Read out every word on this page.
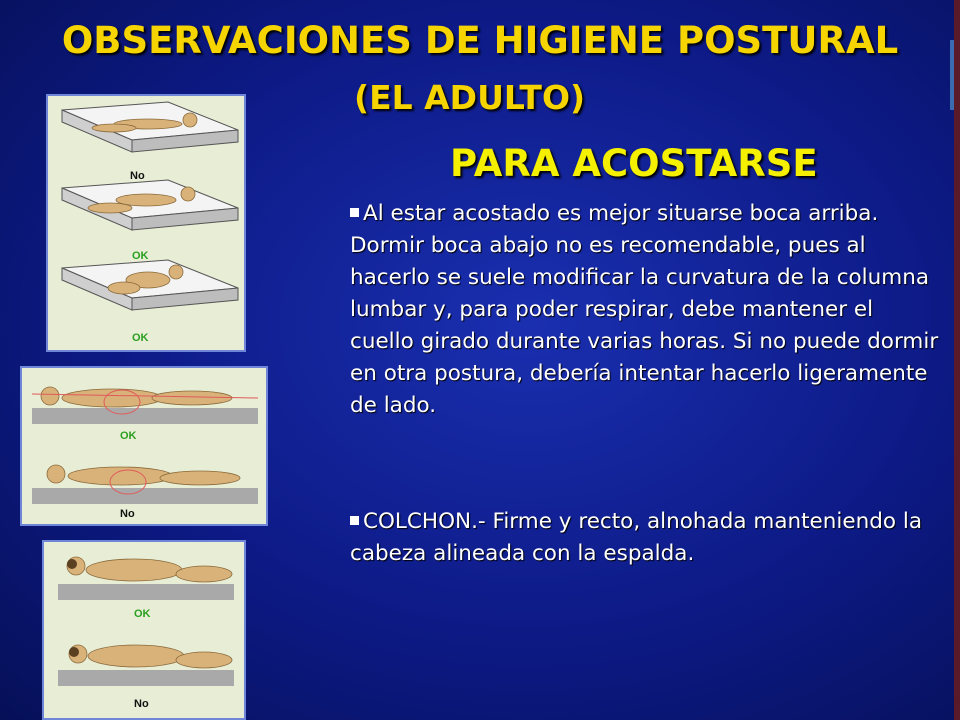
OBSERVACIONES DE HIGIENE POSTURAL
(EL ADULTO)
PARA ACOSTARSE
Al estar acostado es mejor situarse boca arriba. Dormir boca abajo no es recomendable, pues al hacerlo se suele modificar la curvatura de la columna lumbar y, para poder respirar, debe mantener el cuello girado durante varias horas. Si no puede dormir en otra postura, debería intentar hacerlo ligeramente de lado.
COLCHON.- Firme y recto, alnohada manteniendo la cabeza alineada con la espalda.
No
OK
OK
OK
No
OK
No
